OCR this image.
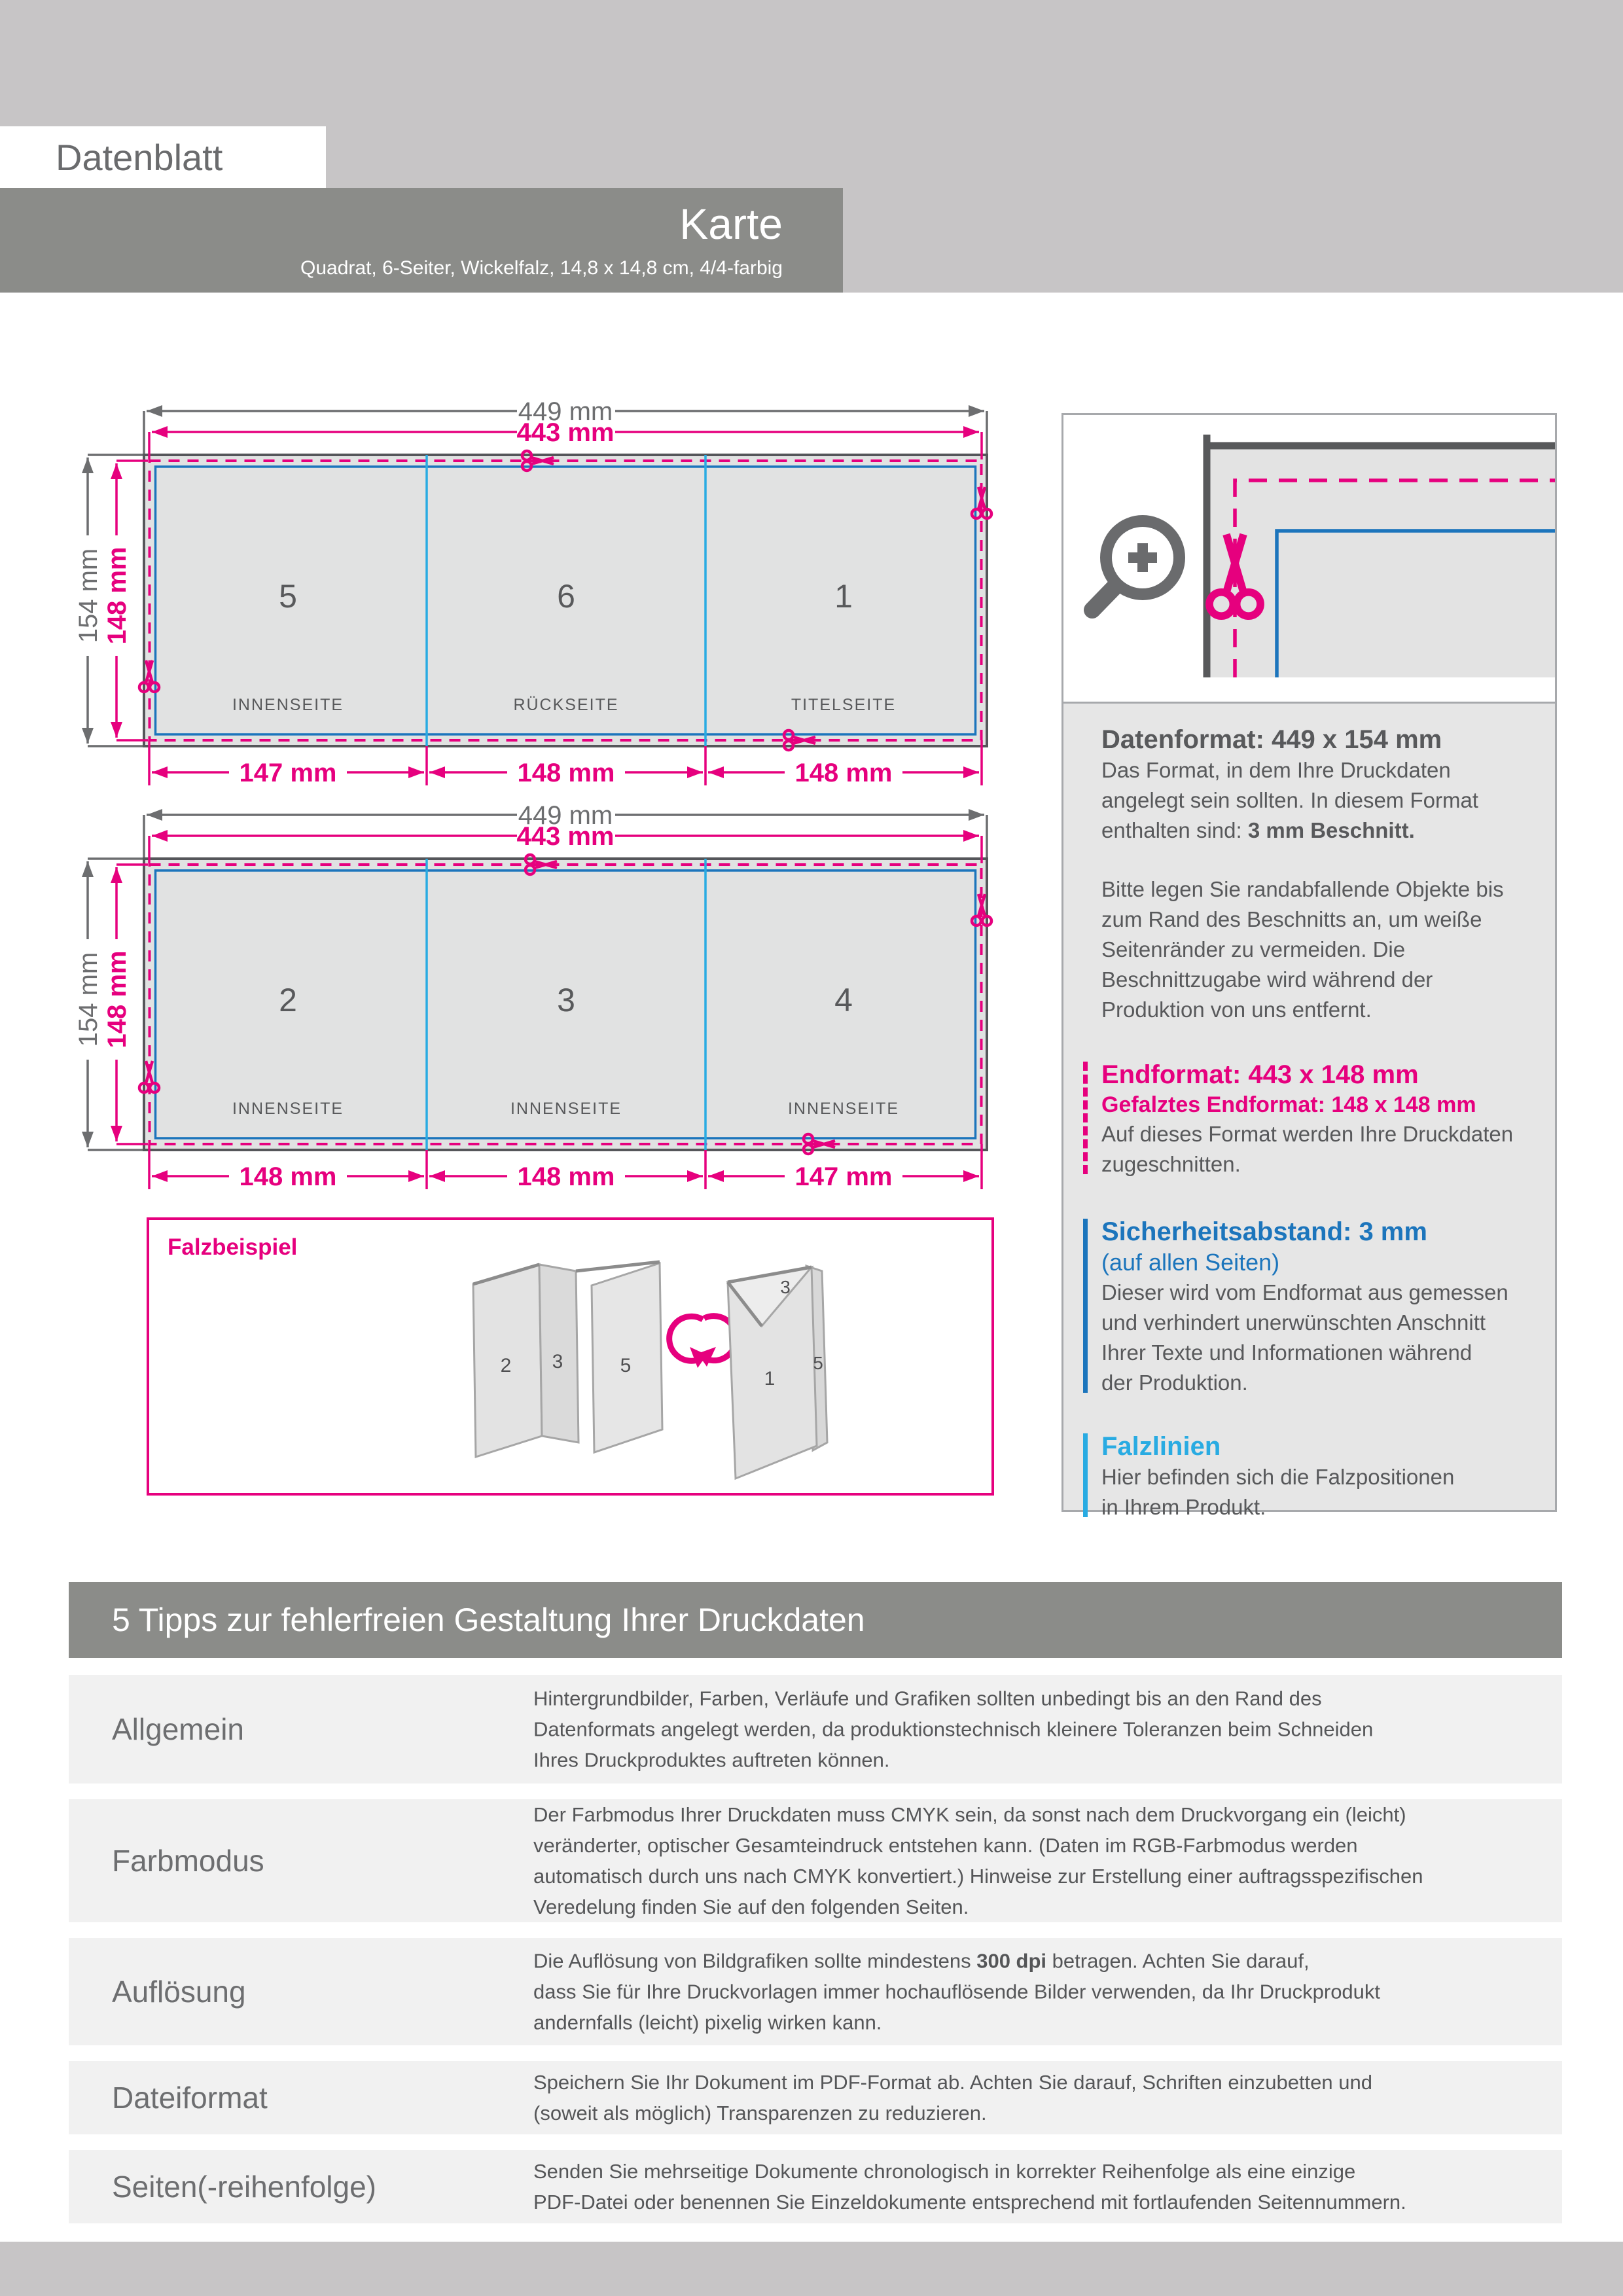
Datenblatt
Karte
Quadrat, 6-Seiter, Wickelfalz, 14,8 x 14,8 cm, 4/4-farbig
5	6	1
INNENSEITE	RÜCKSEITE	TITELSEITE
449 mm
443 mm
154 mm 148 mm
147 mm	148 mm	148 mm
2	3	4
INNENSEITE	INNENSEITE	INNENSEITE
449 mm
443 mm
154 mm 148 mm
148 mm	148 mm	147 mm
Falzbeispiel
2 3	5
3
5
1

Datenformat: 449 x 154 mm

Das Format, in dem Ihre Druckdaten
angelegt sein sollten. In diesem Format
enthalten sind: 3 mm Beschnitt.

Bitte legen Sie randabfallende Objekte bis
zum Rand des Beschnitts an, um weiße
Seitenränder zu vermeiden. Die
Beschnittzugabe wird während der
Produktion von uns entfernt.

Endformat: 443 x 148 mm

Gefalztes Endformat: 148 x 148 mm

Auf dieses Format werden Ihre Druckdaten
zugeschnitten.

Sicherheitsabstand: 3 mm

(auf allen Seiten)

Dieser wird vom Endformat aus gemessen
und verhindert unerwünschten Anschnitt
Ihrer Texte und Informationen während
der Produktion.

Falzlinien

Hier befinden sich die Falzpositionen
in Ihrem Produkt.

5 Tipps zur fehlerfreien Gestaltung Ihrer Druckdaten
Allgemein
Hintergrundbilder, Farben, Verläufe und Grafiken sollten unbedingt bis an den Rand des
Datenformats angelegt werden, da produktionstechnisch kleinere Toleranzen beim Schneiden
Ihres Druckproduktes auftreten können.
Farbmodus
Der Farbmodus Ihrer Druckdaten muss CMYK sein, da sonst nach dem Druckvorgang ein (leicht)
veränderter, optischer Gesamteindruck entstehen kann. (Daten im RGB-Farbmodus werden
automatisch durch uns nach CMYK konvertiert.) Hinweise zur Erstellung einer auftragsspezifischen
Veredelung finden Sie auf den folgenden Seiten.
Auflösung
Die Auflösung von Bildgrafiken sollte mindestens 300 dpi betragen. Achten Sie darauf,
dass Sie für Ihre Druckvorlagen immer hochauflösende Bilder verwenden, da Ihr Druckprodukt
andernfalls (leicht) pixelig wirken kann.
Dateiformat	Speichern Sie Ihr Dokument im PDF-Format ab. Achten Sie darauf, Schriften einzubetten und
(soweit als möglich) Transparenzen zu reduzieren.
Seiten(-reihenfolge)	Senden Sie mehrseitige Dokumente chronologisch in korrekter Reihenfolge als eine einzige
PDF-Datei oder benennen Sie Einzeldokumente entsprechend mit fortlaufenden Seitennummern.
